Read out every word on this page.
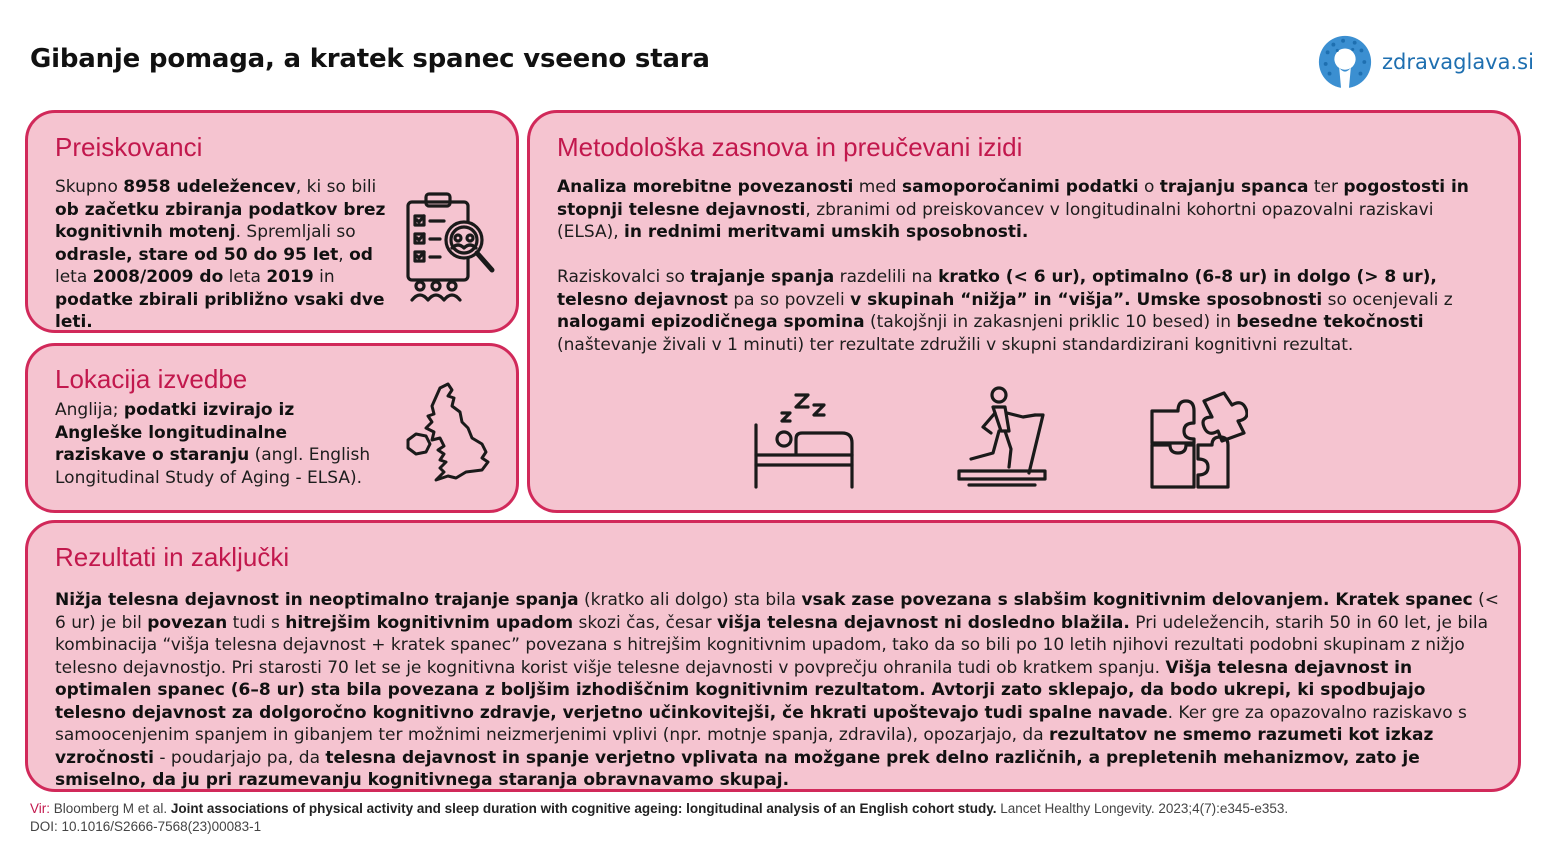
Gibanje pomaga, a kratek spanec vseeno stara	zdravaglava.si
Preiskovanci
Skupno 8958 udeležencev, ki so bili ob začetku zbiranja podatkov brez kognitivnih motenj. Spremljali so odrasle, stare od 50 do 95 let, od leta 2008/2009 do leta 2019 in podatke zbirali približno vsaki dve leti.
Lokacija izvedbe
Anglija; podatki izvirajo iz Angleške longitudinalne raziskave o staranju (angl. English Longitudinal Study of Aging - ELSA).
Metodološka zasnova in preučevani izidi
Analiza morebitne povezanosti med samoporočanimi podatki o trajanju spanca ter pogostosti in stopnji telesne dejavnosti, zbranimi od preiskovancev v longitudinalni kohortni opazovalni raziskavi (ELSA), in rednimi meritvami umskih sposobnosti.
Raziskovalci so trajanje spanja razdelili na kratko (< 6 ur), optimalno (6-8 ur) in dolgo (> 8 ur), telesno dejavnost pa so povzeli v skupinah “nižja” in “višja”. Umske sposobnosti so ocenjevali z nalogami epizodičnega spomina (takojšnji in zakasnjeni priklic 10 besed) in besedne tekočnosti (naštevanje živali v 1 minuti) ter rezultate združili v skupni standardizirani kognitivni rezultat.
Rezultati in zaključki
Nižja telesna dejavnost in neoptimalno trajanje spanja (kratko ali dolgo) sta bila vsak zase povezana s slabšim kognitivnim delovanjem. Kratek spanec (< 6 ur) je bil povezan tudi s hitrejšim kognitivnim upadom skozi čas, česar višja telesna dejavnost ni dosledno blažila. Pri udeležencih, starih 50 in 60 let, je bila kombinacija “višja telesna dejavnost + kratek spanec” povezana s hitrejšim kognitivnim upadom, tako da so bili po 10 letih njihovi rezultati podobni skupinam z nižjo telesno dejavnostjo. Pri starosti 70 let se je kognitivna korist višje telesne dejavnosti v povprečju ohranila tudi ob kratkem spanju. Višja telesna dejavnost in optimalen spanec (6–8 ur) sta bila povezana z boljšim izhodiščnim kognitivnim rezultatom. Avtorji zato sklepajo, da bodo ukrepi, ki spodbujajo telesno dejavnost za dolgoročno kognitivno zdravje, verjetno učinkovitejši, če hkrati upoštevajo tudi spalne navade. Ker gre za opazovalno raziskavo s samoocenjenim spanjem in gibanjem ter možnimi neizmerjenimi vplivi (npr. motnje spanja, zdravila), opozarjajo, da rezultatov ne smemo razumeti kot izkaz vzročnosti - poudarjajo pa, da telesna dejavnost in spanje verjetno vplivata na možgane prek delno različnih, a prepletenih mehanizmov, zato je smiselno, da ju pri razumevanju kognitivnega staranja obravnavamo skupaj.
Vir: Bloomberg M et al. Joint associations of physical activity and sleep duration with cognitive ageing: longitudinal analysis of an English cohort study. Lancet Healthy Longevity. 2023;4(7):e345-e353.
DOI: 10.1016/S2666-7568(23)00083-1
